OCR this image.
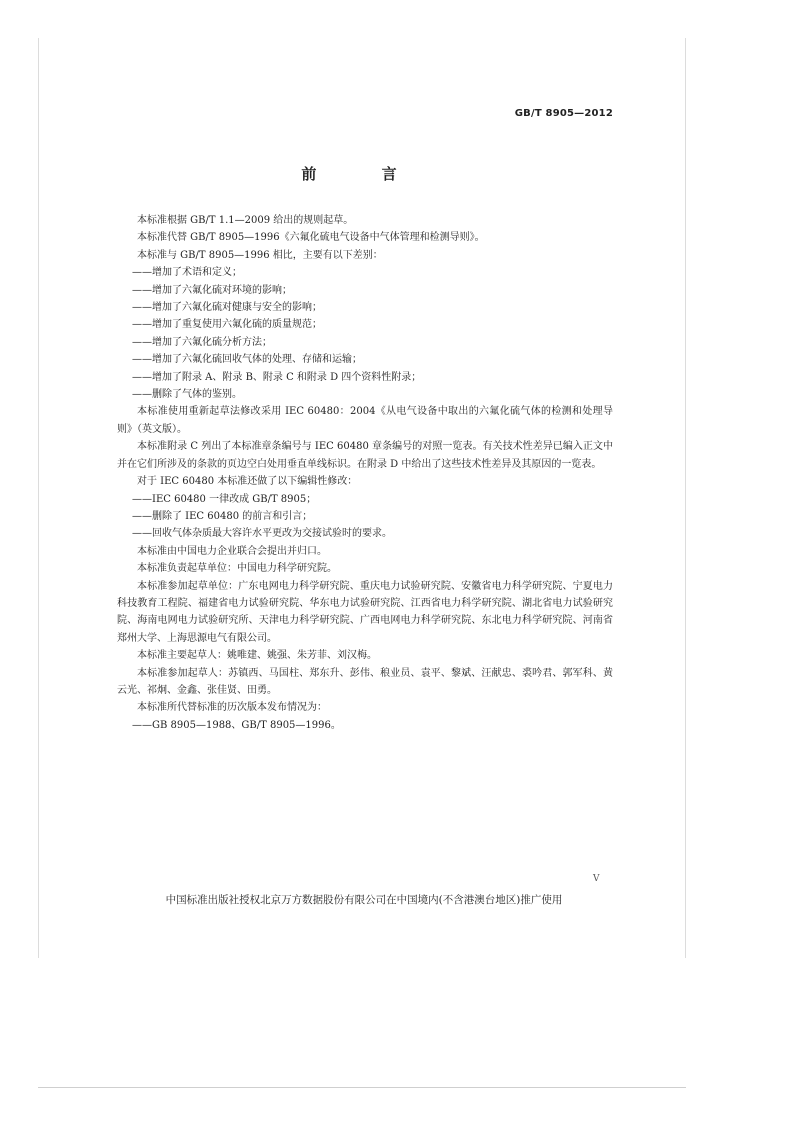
GB/T 8905—2012
前 言

本标准根据 GB/T 1.1—2009 给出的规则起草。

本标准代替 GB/T 8905—1996《六氟化硫电气设备中气体管理和检测导则》。

本标准与 GB/T 8905—1996 相比，主要有以下差别：

——增加了术语和定义；

——增加了六氟化硫对环境的影响；

——增加了六氟化硫对健康与安全的影响；

——增加了重复使用六氟化硫的质量规范；

——增加了六氟化硫分析方法；

——增加了六氟化硫回收气体的处理、存储和运输；

——增加了附录 A、附录 B、附录 C 和附录 D 四个资料性附录；

——删除了气体的鉴别。

本标准使用重新起草法修改采用 IEC 60480：2004《从电气设备中取出的六氟化硫气体的检测和处理导则》（英文版）。

本标准附录 C 列出了本标准章条编号与 IEC 60480 章条编号的对照一览表。有关技术性差异已编入正文中并在它们所涉及的条款的页边空白处用垂直单线标识。在附录 D 中给出了这些技术性差异及其原因的一览表。

对于 IEC 60480 本标准还做了以下编辑性修改：

——IEC 60480 一律改成 GB/T 8905；

——删除了 IEC 60480 的前言和引言；

——回收气体杂质最大容许水平更改为交接试验时的要求。

本标准由中国电力企业联合会提出并归口。

本标准负责起草单位：中国电力科学研究院。

本标准参加起草单位：广东电网电力科学研究院、重庆电力试验研究院、安徽省电力科学研究院、宁夏电力科技教育工程院、福建省电力试验研究院、华东电力试验研究院、江西省电力科学研究院、湖北省电力试验研究院、海南电网电力试验研究所、天津电力科学研究院、广西电网电力科学研究院、东北电力科学研究院、河南省郑州大学、上海思源电气有限公司。

本标准主要起草人：姚唯建、姚强、朱芳菲、刘汉梅。

本标准参加起草人：苏镇西、马国柱、郑东升、彭伟、稂业员、袁平、黎斌、汪献忠、裘吟君、郭军科、黄云光、祁炯、金鑫、张佳贤、田勇。

本标准所代替标准的历次版本发布情况为：

——GB 8905—1988、GB/T 8905—1996。

V
中国标准出版社授权北京万方数据股份有限公司在中国境内(不含港澳台地区)推广使用
